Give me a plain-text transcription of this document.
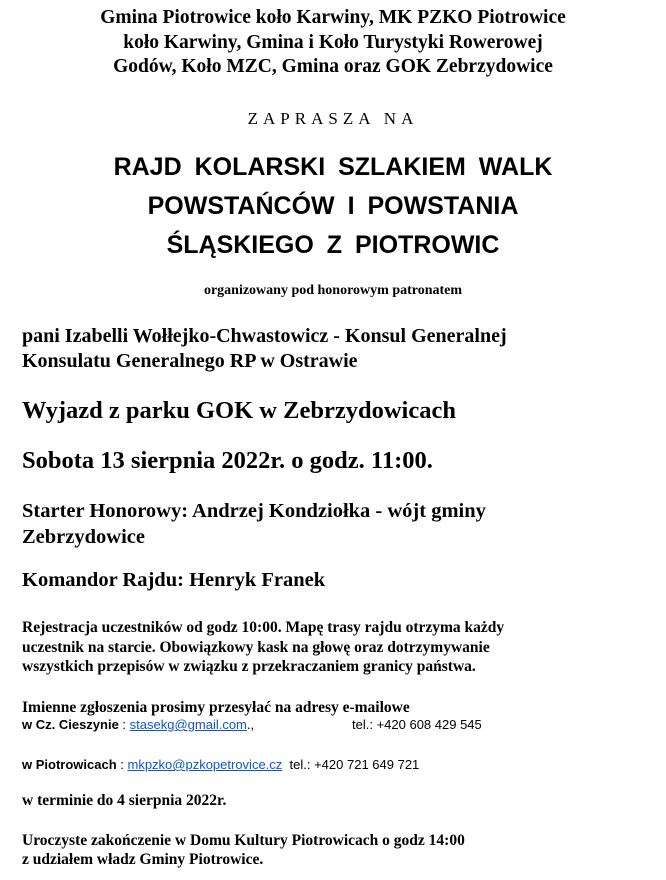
Gmina Piotrowice koło Karwiny, MK PZKO Piotrowice
koło Karwiny, Gmina i Koło Turystyki Rowerowej
Godów, Koło MZC, Gmina oraz GOK Zebrzydowice
ZAPRASZA NA
RAJD KOLARSKI SZLAKIEM WALK
POWSTAŃCÓW I POWSTANIA
ŚLĄSKIEGO Z PIOTROWIC
organizowany pod honorowym patronatem
pani Izabelli Wołłejko-Chwastowicz - Konsul Generalnej
Konsulatu Generalnego RP w Ostrawie
Wyjazd z parku GOK w Zebrzydowicach
Sobota 13 sierpnia 2022r. o godz. 11:00.
Starter Honorowy: Andrzej Kondziołka - wójt gminy
Zebrzydowice
Komandor Rajdu: Henryk Franek
Rejestracja uczestników od godz 10:00. Mapę trasy rajdu otrzyma każdy
uczestnik na starcie. Obowiązkowy kask na głowę oraz dotrzymywanie
wszystkich przepisów w związku z przekraczaniem granicy państwa.
Imienne zgłoszenia prosimy przesyłać na adresy e-mailowe
w Cz. Cieszynie : stasekg@gmail.com.,	tel.: +420 608 429 545
w Piotrowicach : mkpzko@pzkopetrovice.cz  tel.: +420 721 649 721
w terminie do 4 sierpnia 2022r.
Uroczyste zakończenie w Domu Kultury Piotrowicach o godz 14:00
z udziałem władz Gminy Piotrowice.
